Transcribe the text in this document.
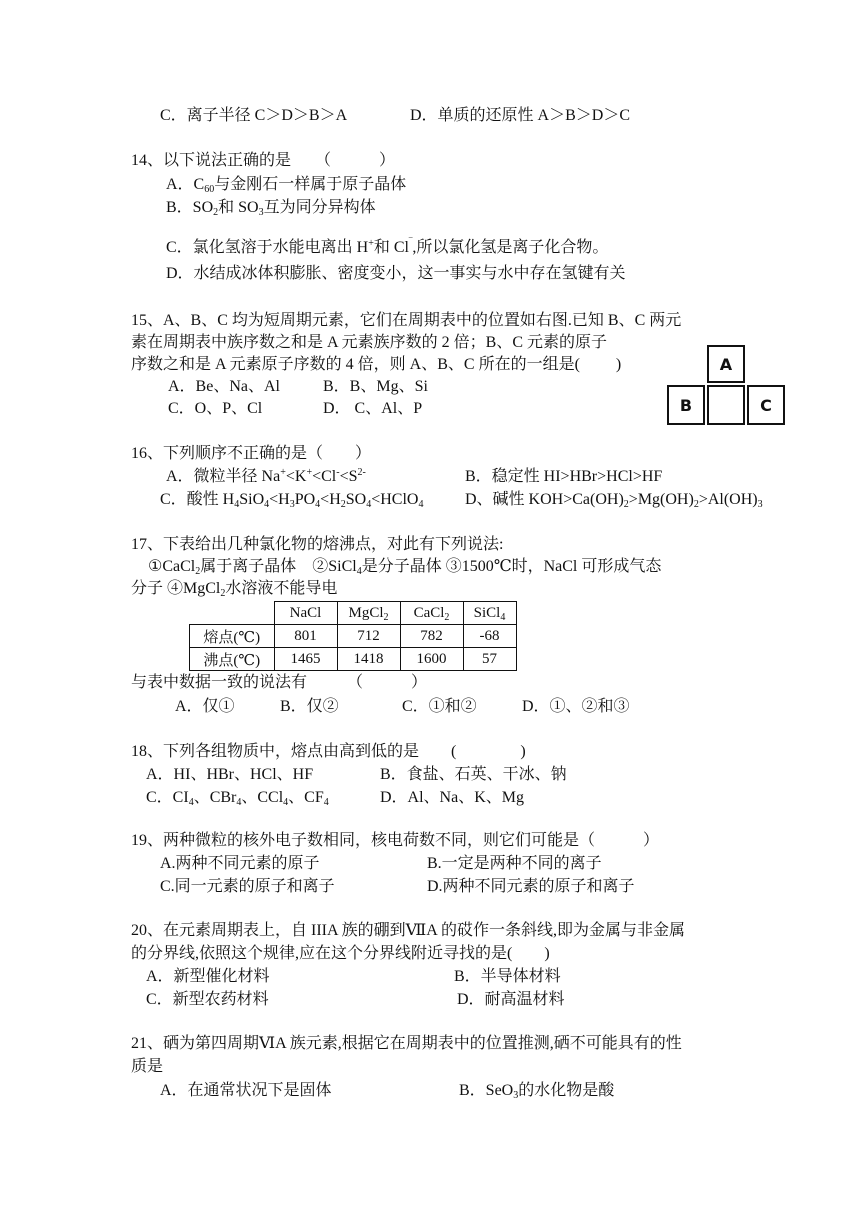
C．离子半径 C＞D＞B＞A	D．单质的还原性 A＞B＞D＞C
14、以下说法正确的是　　（　　　）
A．$C_{60}$与金刚石一样属于原子晶体
B．$SO_2$和 $SO_3$互为同分异构体
C．氯化氢溶于水能电离出 H+和 Cl‾,所以氯化氢是离子化合物。
D．水结成冰体积膨胀、密度变小，这一事实与水中存在氢键有关
15、A、B、C 均为短周期元素，它们在周期表中的位置如右图.已知 B、C 两元
素在周期表中族序数之和是 A 元素族序数的 2 倍；B、C 元素的原子
序数之和是 A 元素原子序数的 4 倍，则 A、B、C 所在的一组是(　　 )
A．Be、Na、Al	B．B、Mg、Si
C．O、P、Cl	D． C、Al、P
A
B	C
16、下列顺序不正确的是（　　）
A．微粒半径 $Na^+<K^+<Cl^-<S^{2-}$	B．稳定性 HI>HBr>HCl>HF
C．酸性 $H_4SiO_4<H_3PO_4<H_2SO_4<HClO_4$	D、碱性 $KOH>Ca(OH)_2>Mg(OH)_2>Al(OH)_3$
17、下表给出几种氯化物的熔沸点，对此有下列说法:
①CaCl$_2$属于离子晶体　②SiCl$_4$是分子晶体 ③1500℃时，NaCl 可形成气态
分子 ④MgCl$_2$水溶液不能导电
	NaCl	MgCl$_2$	CaCl$_2$	SiCl$_4$
熔点(℃)	801	712	782	-68
沸点(℃)	1465	1418	1600	57
与表中数据一致的说法有　　　（　　　）
A．仅①	B．仅②	C．①和②	D．①、②和③
18、下列各组物质中，熔点由高到低的是　　(　　　　)
A．HI、HBr、HCl、HF	B．食盐、石英、干冰、钠
C．$CI_4$、CBr$_4$、CCl$_4$、$CF_4$	D．Al、Na、K、Mg
19、两种微粒的核外电子数相同，核电荷数不同，则它们可能是（　　　）
A.两种不同元素的原子	B.一定是两种不同的离子
C.同一元素的原子和离子	D.两种不同元素的原子和离子
20、在元素周期表上，自 IIIA 族的硼到ⅦA 的砹作一条斜线,即为金属与非金属
的分界线,依照这个规律,应在这个分界线附近寻找的是(　　)
A．新型催化材料	B．半导体材料
C．新型农药材料	D．耐高温材料
21、硒为第四周期ⅥA 族元素,根据它在周期表中的位置推测,硒不可能具有的性
质是
A．在通常状况下是固体	B．SeO$_3$的水化物是酸
